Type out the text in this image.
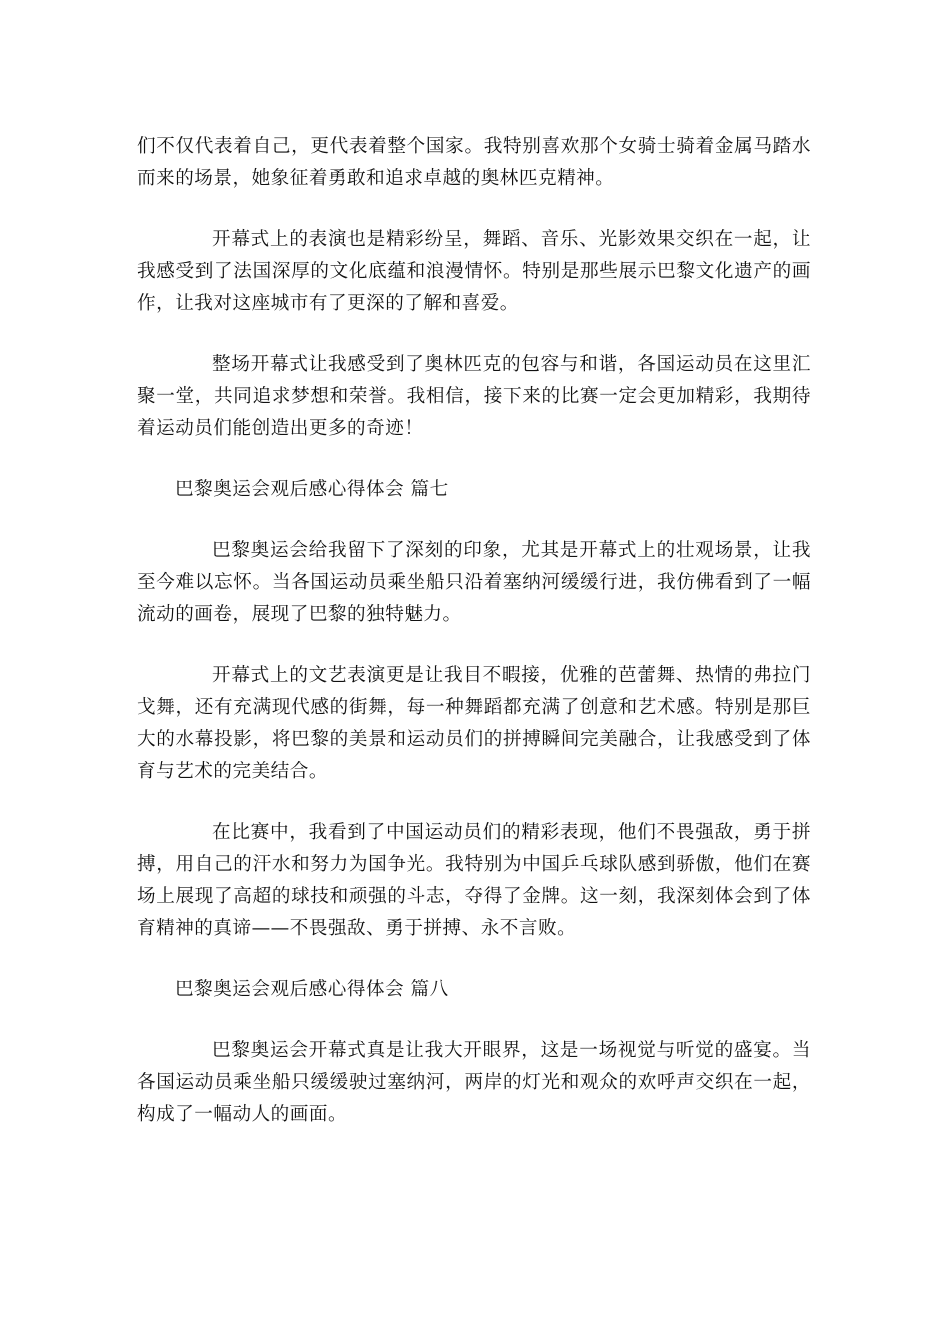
们不仅代表着自己，更代表着整个国家。我特别喜欢那个女骑士骑着金属马踏水而来的场景，她象征着勇敢和追求卓越的奥林匹克精神。

开幕式上的表演也是精彩纷呈，舞蹈、音乐、光影效果交织在一起，让我感受到了法国深厚的文化底蕴和浪漫情怀。特别是那些展示巴黎文化遗产的画作，让我对这座城市有了更深的了解和喜爱。

整场开幕式让我感受到了奥林匹克的包容与和谐，各国运动员在这里汇聚一堂，共同追求梦想和荣誉。我相信，接下来的比赛一定会更加精彩，我期待着运动员们能创造出更多的奇迹！

巴黎奥运会观后感心得体会 篇七

巴黎奥运会给我留下了深刻的印象，尤其是开幕式上的壮观场景，让我至今难以忘怀。当各国运动员乘坐船只沿着塞纳河缓缓行进，我仿佛看到了一幅流动的画卷，展现了巴黎的独特魅力。

开幕式上的文艺表演更是让我目不暇接，优雅的芭蕾舞、热情的弗拉门戈舞，还有充满现代感的街舞，每一种舞蹈都充满了创意和艺术感。特别是那巨大的水幕投影，将巴黎的美景和运动员们的拼搏瞬间完美融合，让我感受到了体育与艺术的完美结合。

在比赛中，我看到了中国运动员们的精彩表现，他们不畏强敌，勇于拼搏，用自己的汗水和努力为国争光。我特别为中国乒乓球队感到骄傲，他们在赛场上展现了高超的球技和顽强的斗志，夺得了金牌。这一刻，我深刻体会到了体育精神的真谛——不畏强敌、勇于拼搏、永不言败。

巴黎奥运会观后感心得体会 篇八

巴黎奥运会开幕式真是让我大开眼界，这是一场视觉与听觉的盛宴。当各国运动员乘坐船只缓缓驶过塞纳河，两岸的灯光和观众的欢呼声交织在一起，构成了一幅动人的画面。
